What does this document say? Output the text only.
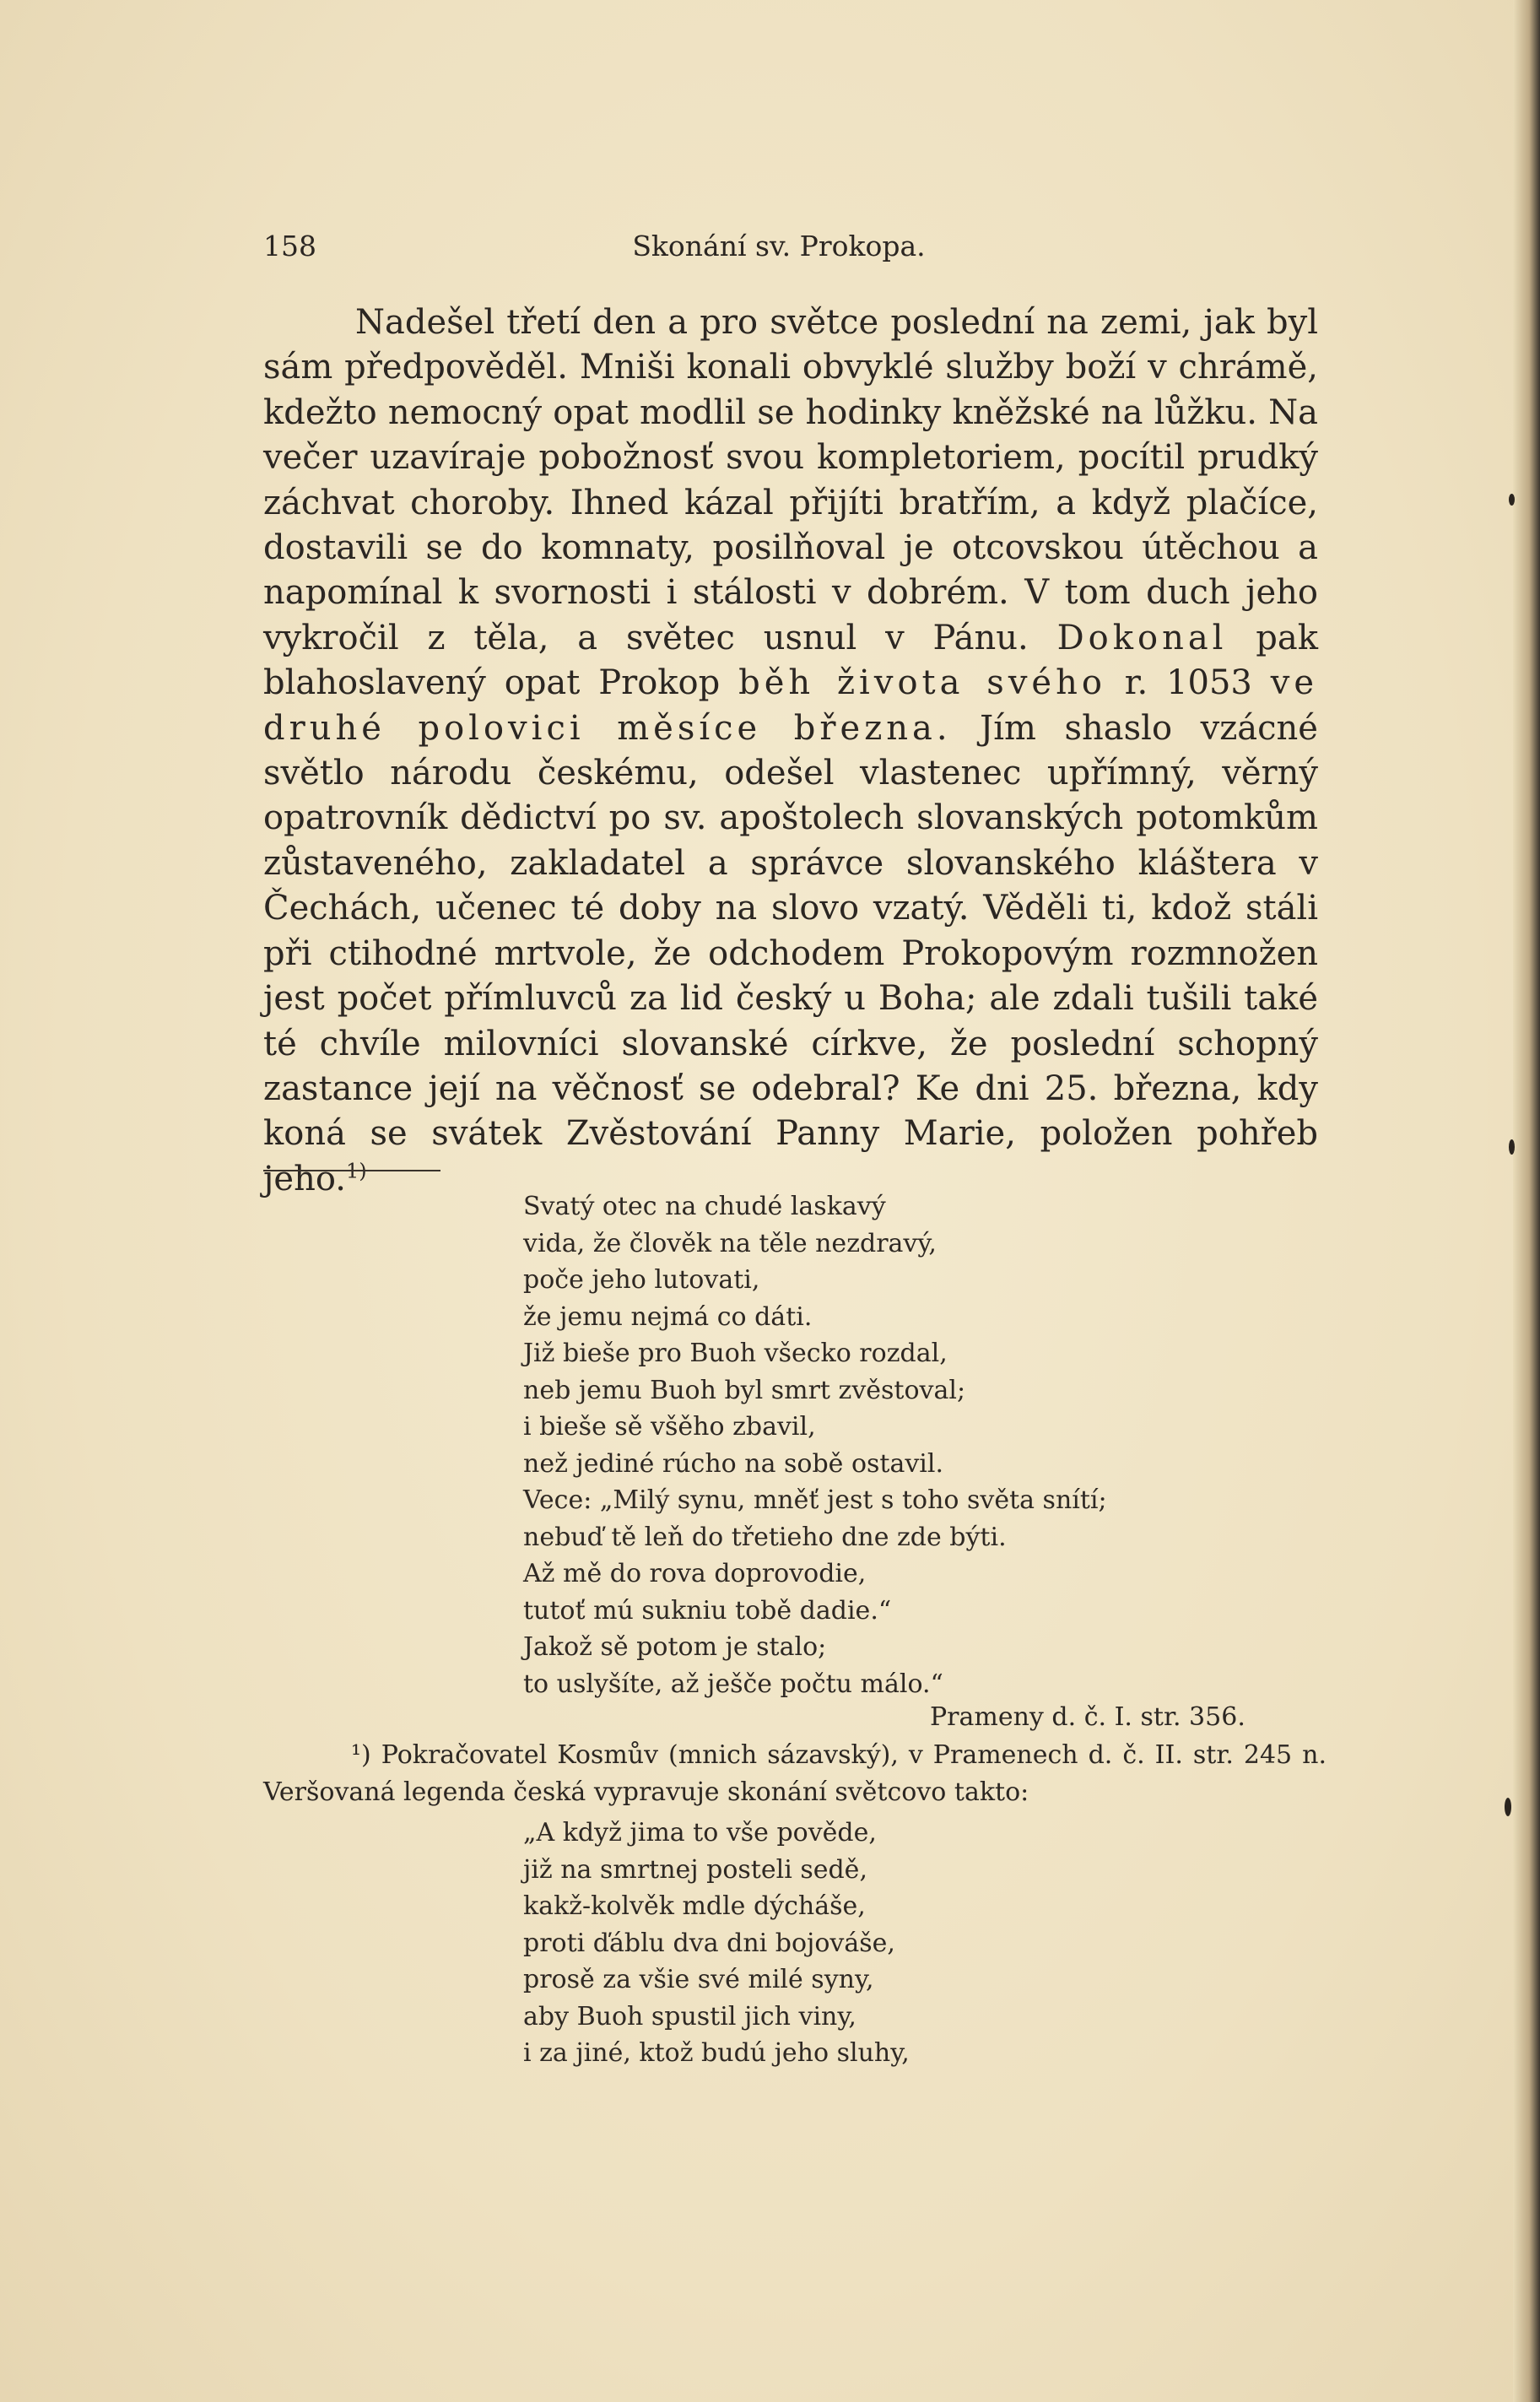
158	Skonání sv. Prokopa.

Nadešel třetí den a pro světce poslední na zemi, jak byl sám předpověděl. Mniši konali obvyklé služby boží v chrámě, kdežto nemocný opat modlil se hodinky kněžské na lůžku. Na večer uzavíraje pobožnosť svou kompletoriem, pocítil prudký záchvat choroby. Ihned kázal přijíti bratřím, a když plačíce, dostavili se do komnaty, posilňoval je otcovskou útěchou a napomínal k svornosti i stálosti v dobrém. V tom duch jeho vykročil z těla, a světec usnul v Pánu. Dokonal pak blahoslavený opat Prokop běh života svého r. 1053 ve druhé polovici měsíce března. Jím shaslo vzácné světlo národu českému, odešel vlastenec upřímný, věrný opatrovník dědictví po sv. apoštolech slovanských potomkům zůstaveného, zakladatel a správce slovanského kláštera v Čechách, učenec té doby na slovo vzatý. Věděli ti, kdož stáli při ctihodné mrtvole, že odchodem Prokopovým rozmnožen jest počet přímluvců za lid český u Boha; ale zdali tušili také té chvíle milovníci slovanské církve, že poslední schopný zastance její na věčnosť se odebral? Ke dni 25. března, kdy koná se svátek Zvěstování Panny Marie, položen pohřeb jeho.$^{1)}$

Svatý otec na chudé laskavý
vida, že člověk na těle nezdravý,
poče jeho lutovati,
že jemu nejmá co dáti.
Již bieše pro Buoh všecko rozdal,
neb jemu Buoh byl smrt zvěstoval;
i bieše sě všěho zbavil,
než jediné rúcho na sobě ostavil.
Vece: „Milý synu, mněť jest s toho světa snítí;
nebuď tě leň do třetieho dne zde býti.
Až mě do rova doprovodie,
tutoť mú sukniu tobě dadie.“
Jakož sě potom je stalo;
to uslyšíte, až ješče počtu málo.“
Prameny d. č. I. str. 356.
¹) Pokračovatel Kosmův (mnich sázavský), v Pramenech d. č. II. str. 245 n. Veršovaná legenda česká vypravuje skonání světcovo takto:
„A když jima to vše pověde,
již na smrtnej posteli sedě,
kakž-kolvěk mdle dýcháše,
proti ďáblu dva dni bojováše,
prosě za všie své milé syny,
aby Buoh spustil jich viny,
i za jiné, ktož budú jeho sluhy,
